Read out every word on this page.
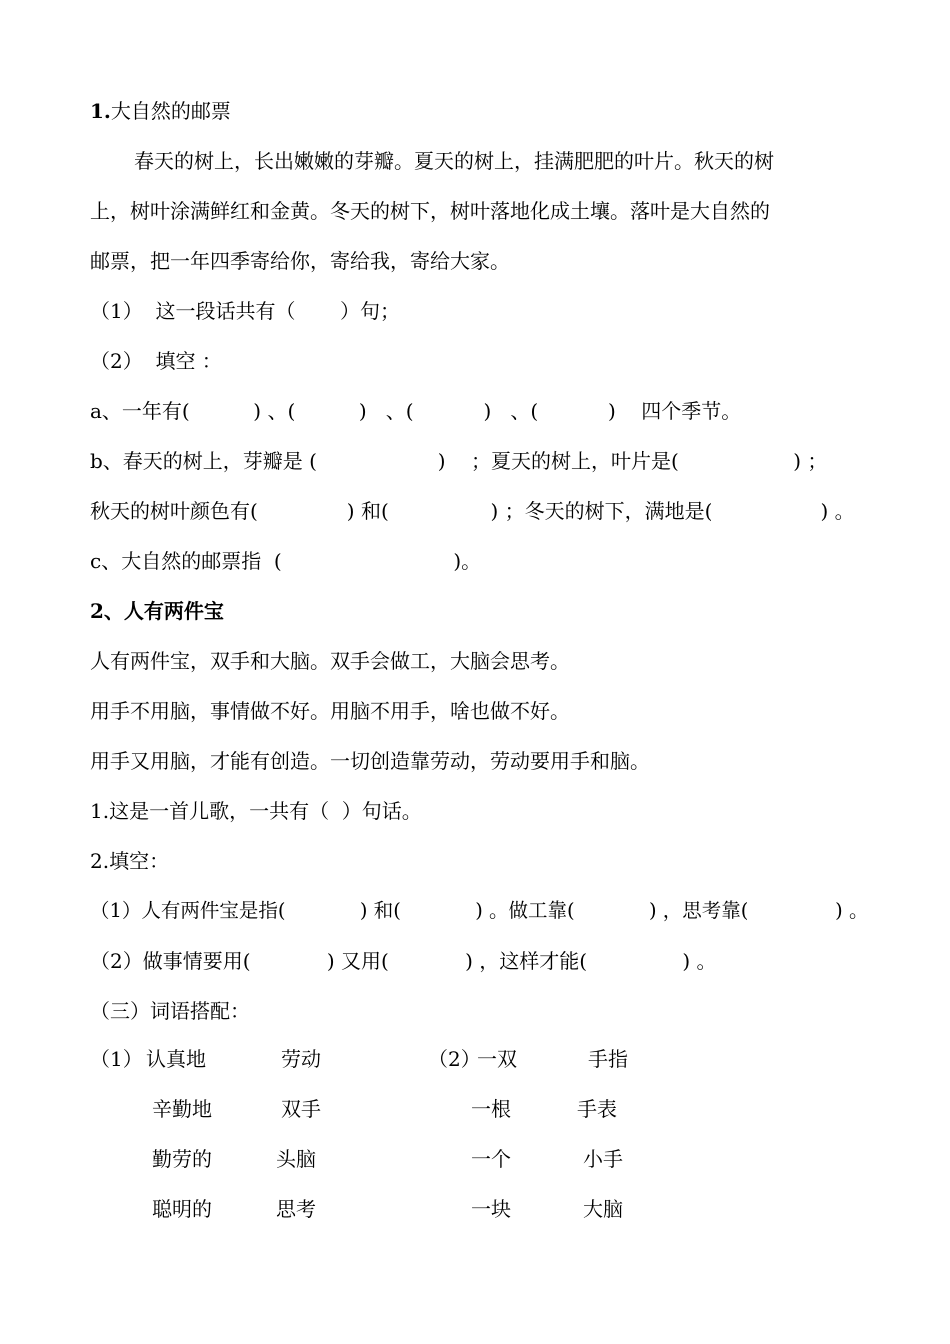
1.大自然的邮票
春天的树上，长出嫩嫩的芽瓣。夏天的树上，挂满肥肥的叶片。秋天的树
上，树叶涂满鲜红和金黄。冬天的树下，树叶落地化成土壤。落叶是大自然的
邮票，把一年四季寄给你，寄给我，寄给大家。
（1）  这一段话共有（       ）句；
（2）  填空 ：
a、一年有(          ) 、(          )   、(           )   、(           )    四个季节。
b、春天的树上，芽瓣是 (                   )    ；夏天的树上，叶片是(                  ) ；
秋天的树叶颜色有(              ) 和(                ) ；冬天的树下，满地是(                 ) 。
c、大自然的邮票指  (                           )。
2、人有两件宝
人有两件宝，双手和大脑。双手会做工，大脑会思考。
用手不用脑，事情做不好。用脑不用手，啥也做不好。
用手又用脑，才能有创造。一切创造靠劳动，劳动要用手和脑。
1.这是一首儿歌，一共有（  ）句话。
2.填空：
（1）人有两件宝是指(            ) 和(            ) 。做工靠(            ) ，思考靠(              ) 。
（2）做事情要用(            ) 又用(            ) ，这样才能(               ) 。
（三）词语搭配：
（1） 认真地
辛勤地
勤劳的
聪明的
劳动
双手
头脑
思考
（2）
一双
一根
一个
一块
手指
手表
小手
大脑
